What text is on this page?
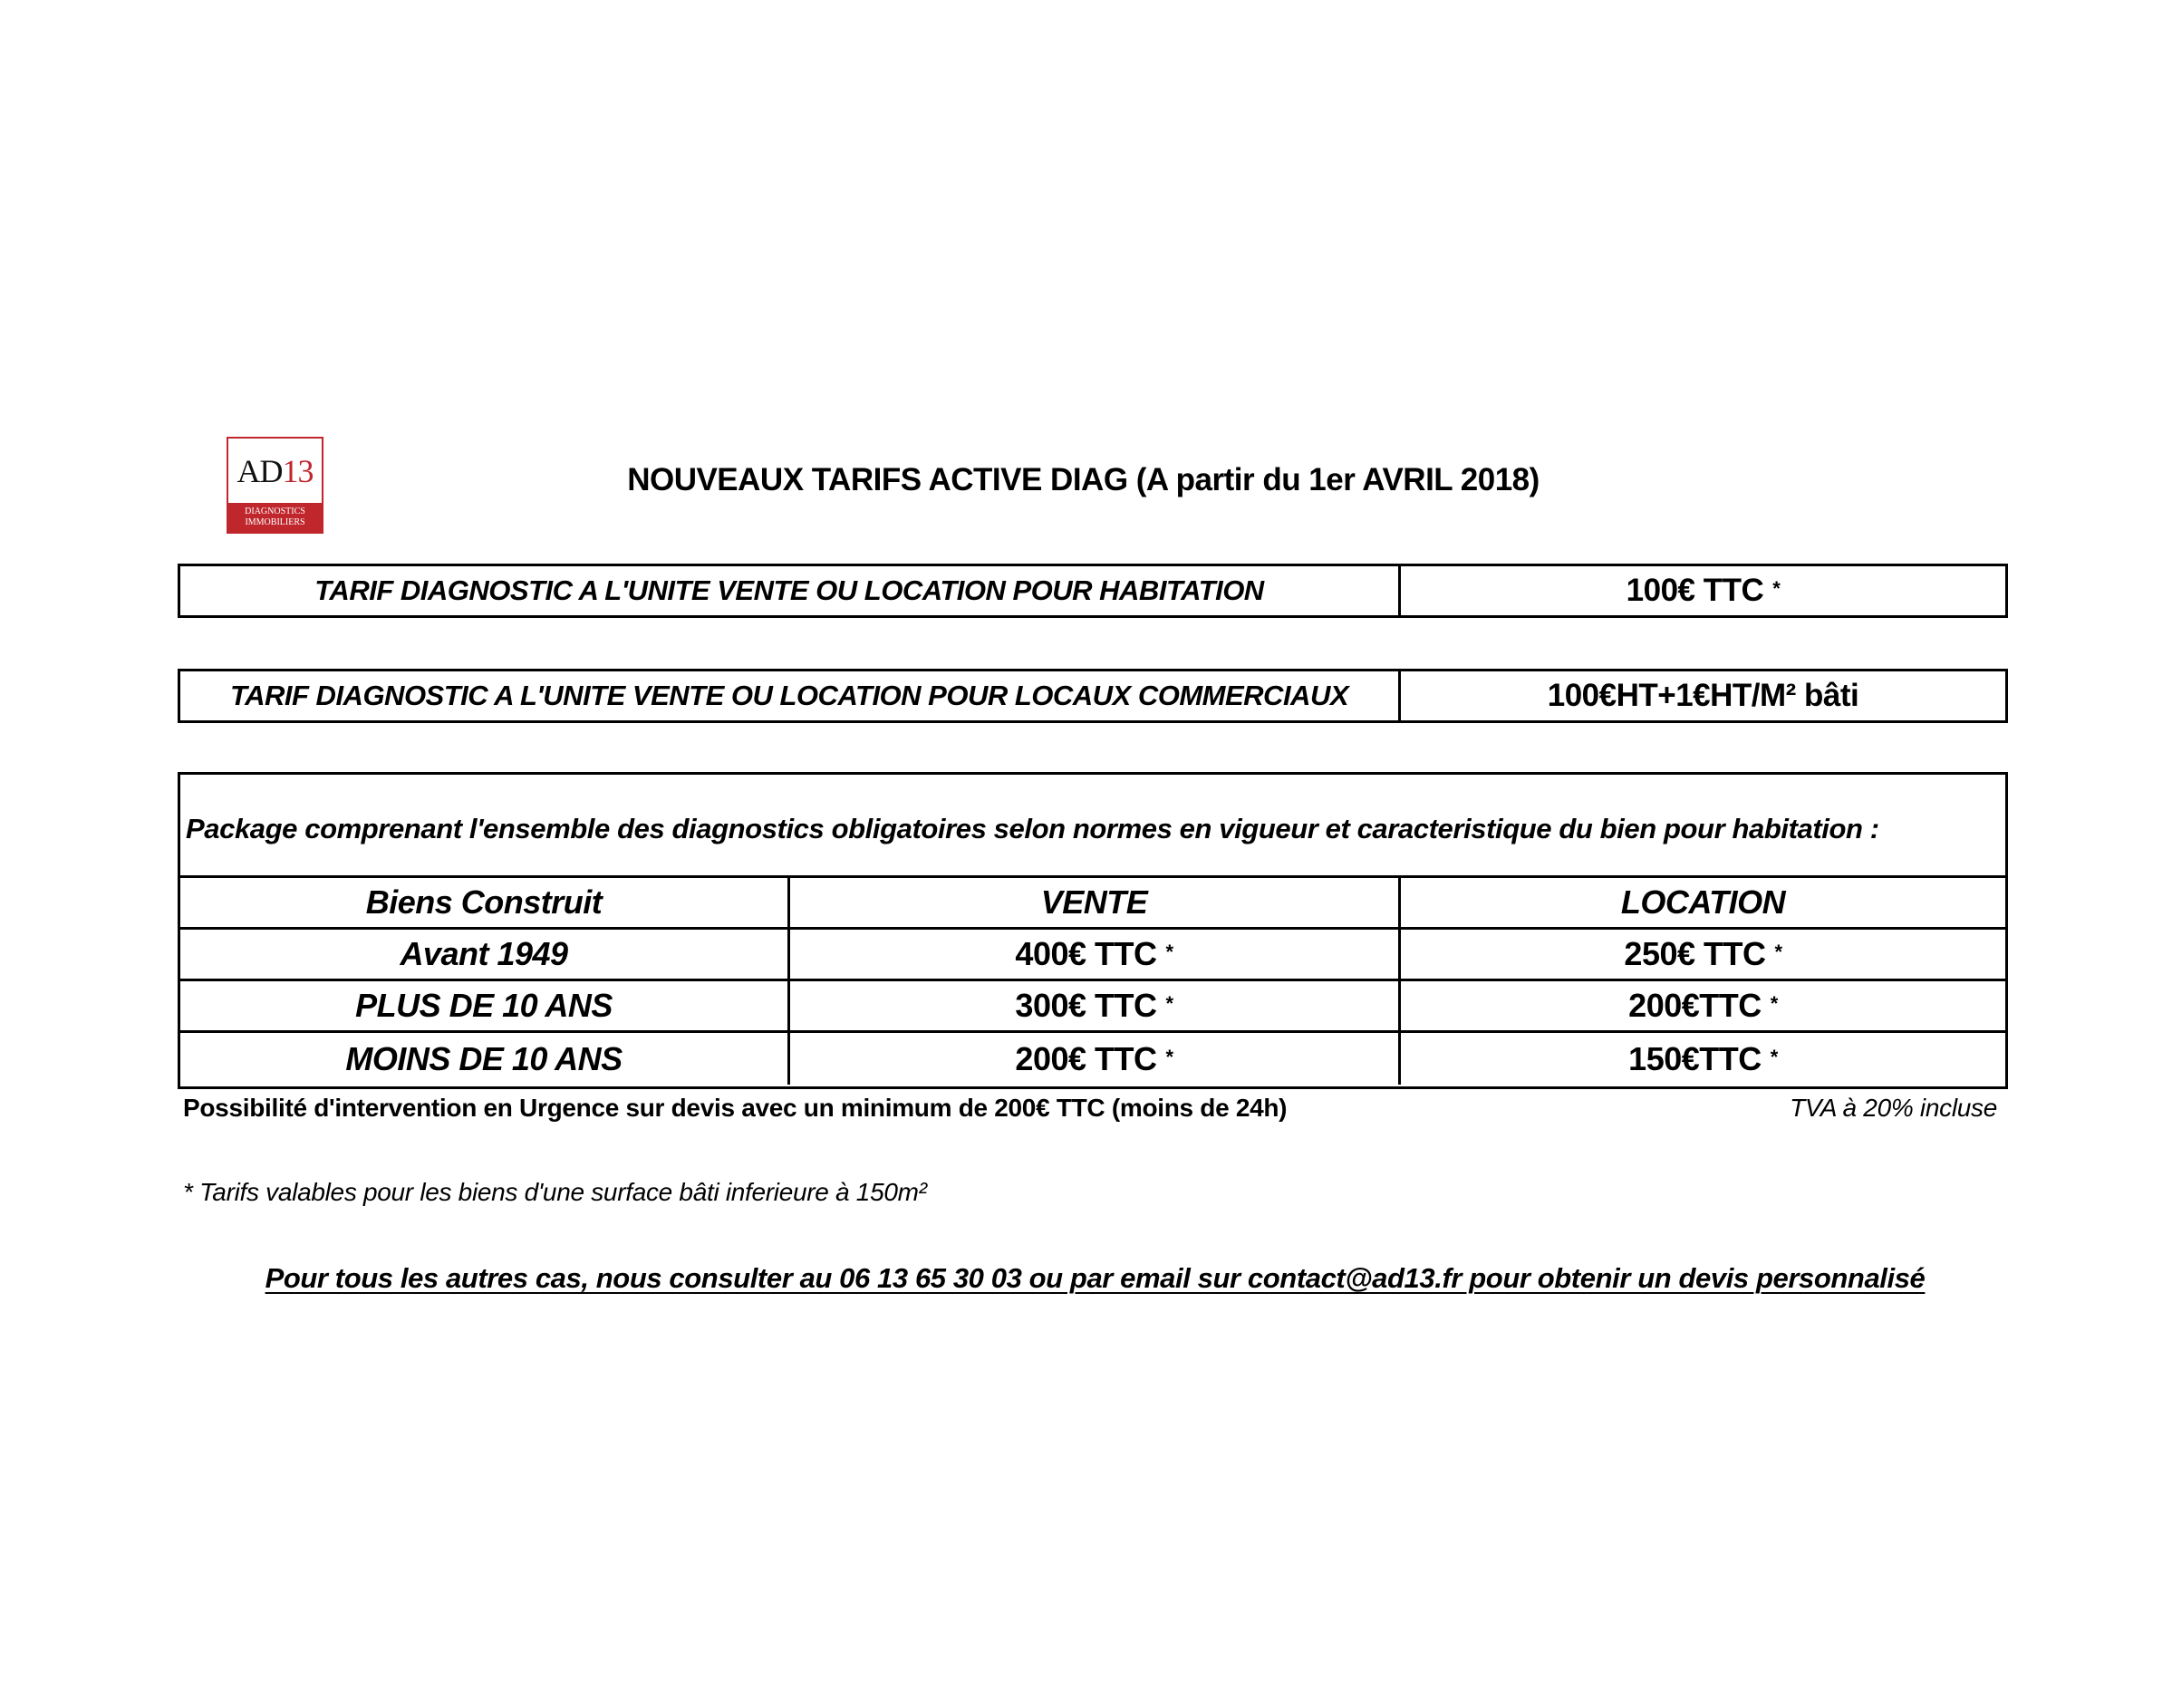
AD 13
DIAGNOSTICS
IMMOBILIERS
NOUVEAUX TARIFS ACTIVE DIAG (A partir du 1er AVRIL 2018)
TARIF DIAGNOSTIC A L'UNITE VENTE OU LOCATION POUR HABITATION	100€ TTC *
TARIF DIAGNOSTIC A L'UNITE VENTE OU LOCATION POUR LOCAUX COMMERCIAUX	100€HT+1€HT/M² bâti
Package comprenant l'ensemble des diagnostics obligatoires selon normes en vigueur et caracteristique du bien pour habitation :
Biens Construit	VENTE	LOCATION
Avant 1949	400€ TTC *	250€ TTC *
PLUS DE 10 ANS	300€ TTC *	200€TTC *
MOINS DE 10 ANS	200€ TTC *	150€TTC *
Possibilité d'intervention en Urgence sur devis avec un minimum de 200€ TTC (moins de 24h)	TVA à 20% incluse
* Tarifs valables pour les biens d'une surface bâti inferieure à 150m²
Pour tous les autres cas, nous consulter au 06 13 65 30 03 ou par email sur contact@ad13.fr pour obtenir un devis personnalisé
